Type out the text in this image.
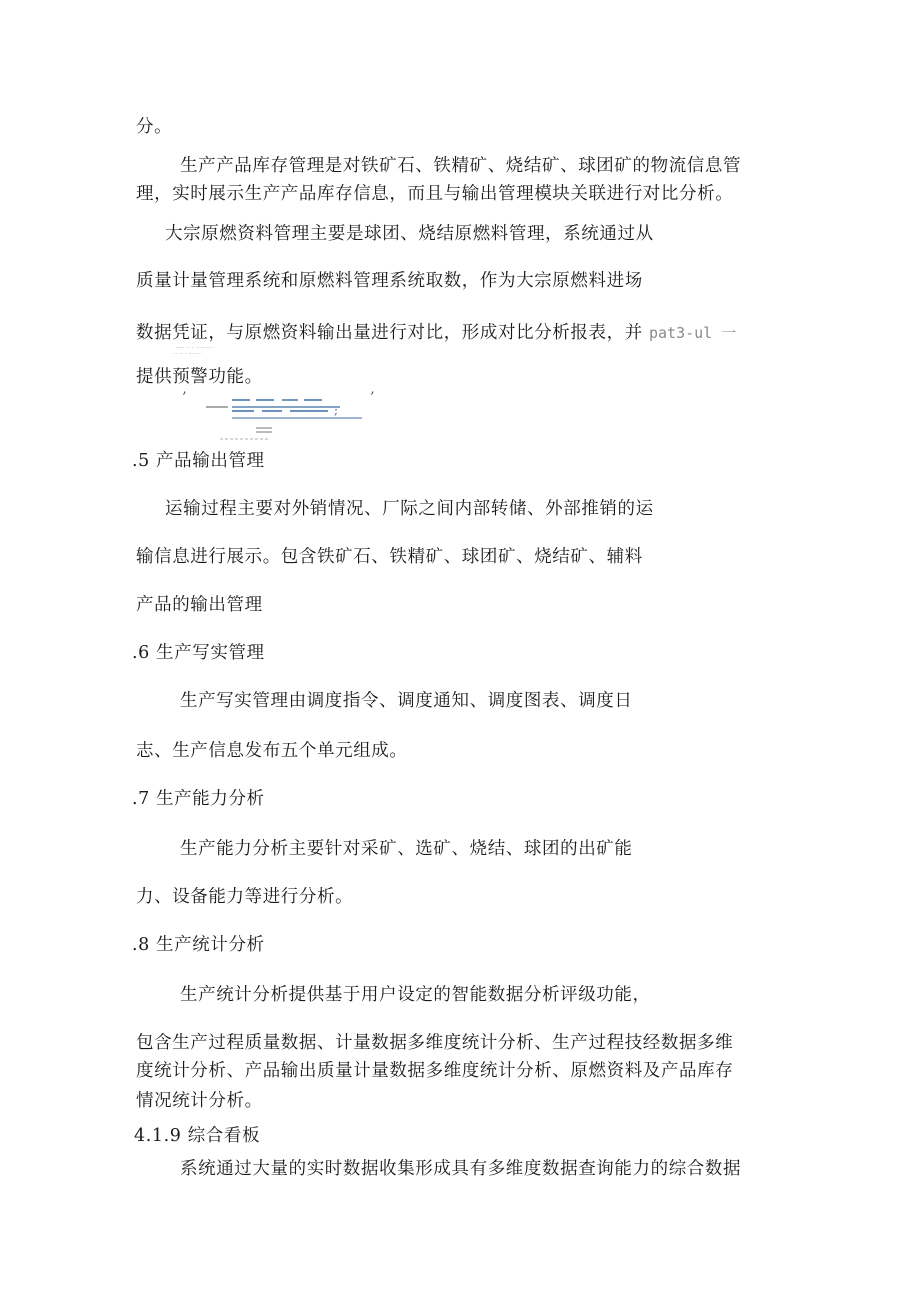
分。
生产产品库存管理是对铁矿石、铁精矿、烧结矿、球团矿的物流信息管
理，实时展示生产产品库存信息，而且与输出管理模块关联进行对比分析。
大宗原燃资料管理主要是球团、烧结原燃料管理，系统通过从
质量计量管理系统和原燃料管理系统取数，作为大宗原燃料进场
数据凭证，与原燃资料输出量进行对比，形成对比分析报表，并 pat3-ul 一
—— · ·· ·· ············· ·
· ·· ···· ·· ········· ·
提供预警功能。
’
;
’
.5 产品输出管理
运输过程主要对外销情况、厂际之间内部转储、外部推销的运
输信息进行展示。包含铁矿石、铁精矿、球团矿、烧结矿、辅料
产品的输出管理
.6 生产写实管理
生产写实管理由调度指令、调度通知、调度图表、调度日
志、生产信息发布五个单元组成。
.7 生产能力分析
生产能力分析主要针对采矿、选矿、烧结、球团的出矿能
力、设备能力等进行分析。
.8 生产统计分析
生产统计分析提供基于用户设定的智能数据分析评级功能，
包含生产过程质量数据、计量数据多维度统计分析、生产过程技经数据多维
度统计分析、产品输出质量计量数据多维度统计分析、原燃资料及产品库存
情况统计分析。
4.1.9 综合看板
系统通过大量的实时数据收集形成具有多维度数据查询能力的综合数据
